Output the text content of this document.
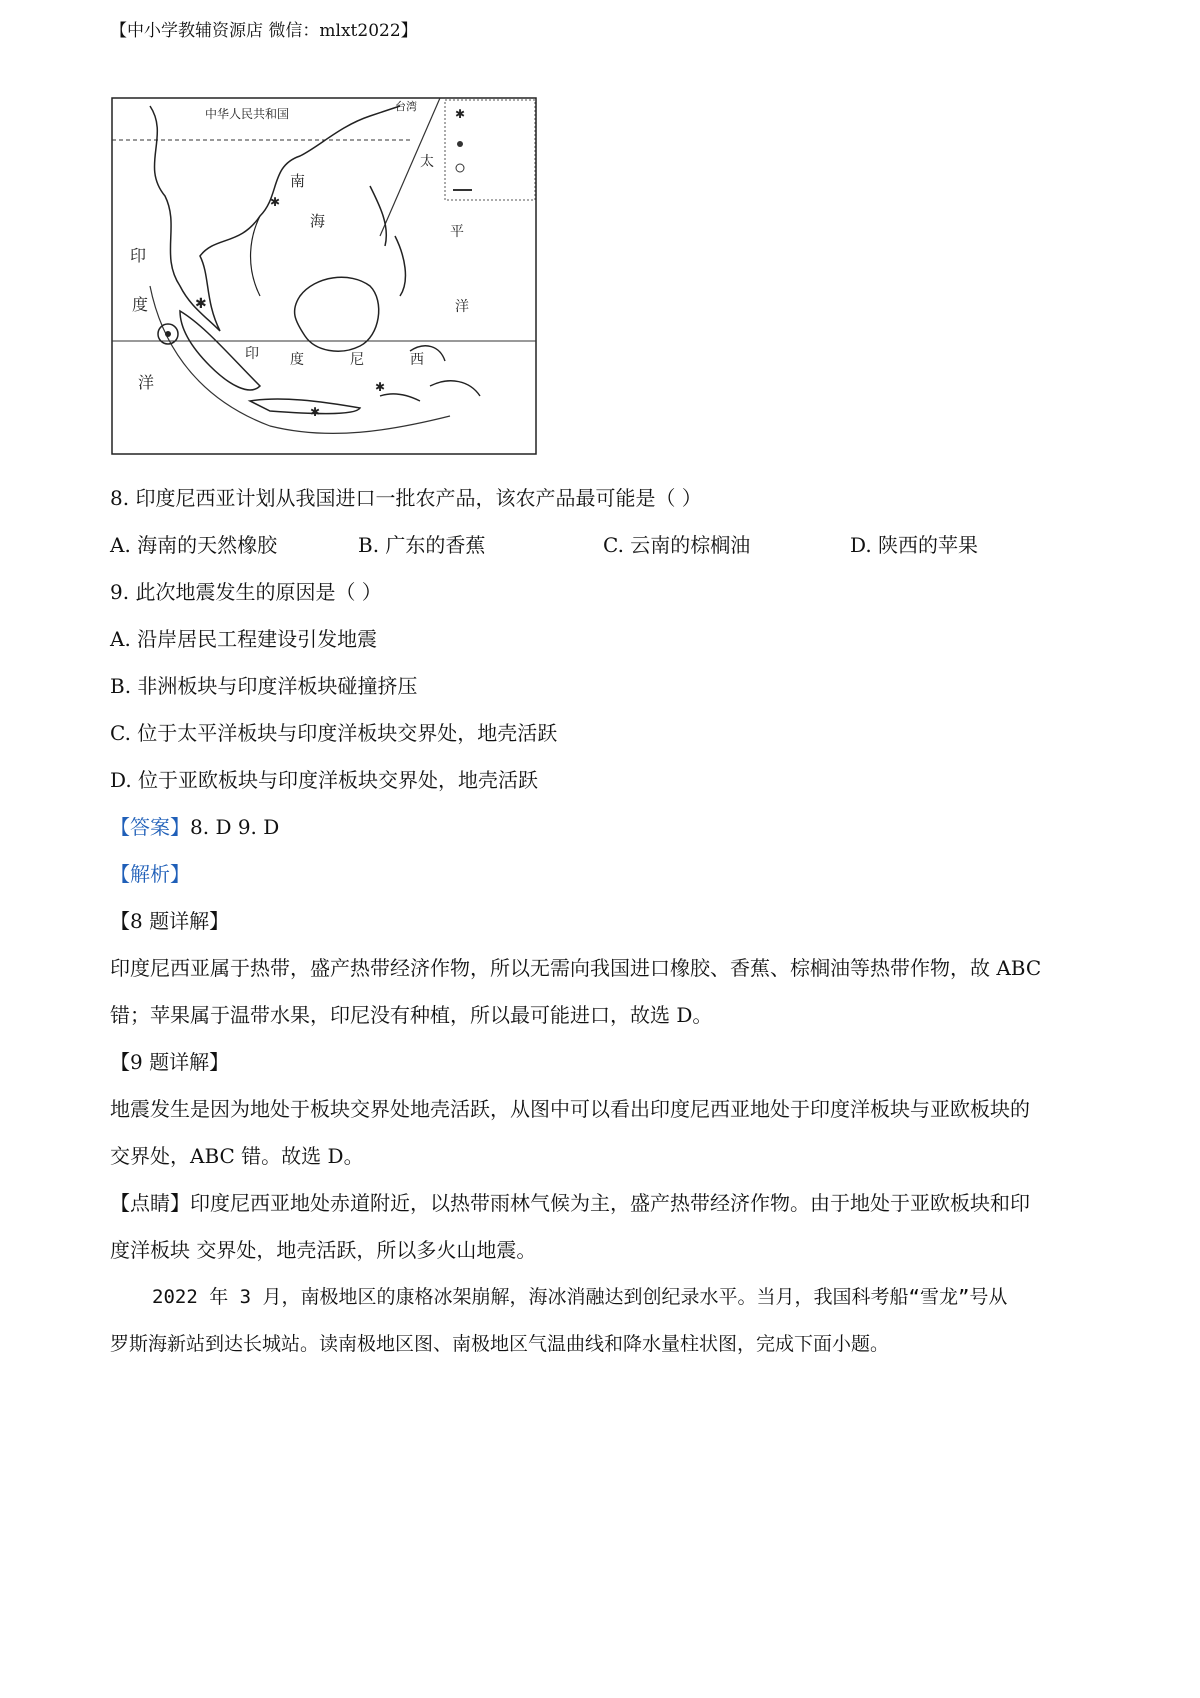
【中小学教辅资源店 微信：mlxt2022】
✱
中华人民共和国
印
度
洋
南
海
印 度	尼	西
太
平
洋
台湾
✱
✱
✱
✱
8. 印度尼西亚计划从我国进口一批农产品，该农产品最可能是（ ）
A. 海南的天然橡胶	B. 广东的香蕉	C. 云南的棕榈油	D. 陕西的苹果
9. 此次地震发生的原因是（ ）
A. 沿岸居民工程建设引发地震
B. 非洲板块与印度洋板块碰撞挤压
C. 位于太平洋板块与印度洋板块交界处，地壳活跃
D. 位于亚欧板块与印度洋板块交界处，地壳活跃
【答案】8. D 9. D
【解析】
【8 题详解】
印度尼西亚属于热带，盛产热带经济作物，所以无需向我国进口橡胶、香蕉、棕榈油等热带作物，故 ABC
错；苹果属于温带水果，印尼没有种植，所以最可能进口，故选 D。
【9 题详解】
地震发生是因为地处于板块交界处地壳活跃，从图中可以看出印度尼西亚地处于印度洋板块与亚欧板块的
交界处，ABC 错。故选 D。
【点睛】印度尼西亚地处赤道附近，以热带雨林气候为主，盛产热带经济作物。由于地处于亚欧板块和印
度洋板块 交界处，地壳活跃，所以多火山地震。
2022 年 3 月，南极地区的康格冰架崩解，海冰消融达到创纪录水平。当月，我国科考船“雪龙”号从
罗斯海新站到达长城站。读南极地区图、南极地区气温曲线和降水量柱状图，完成下面小题。
